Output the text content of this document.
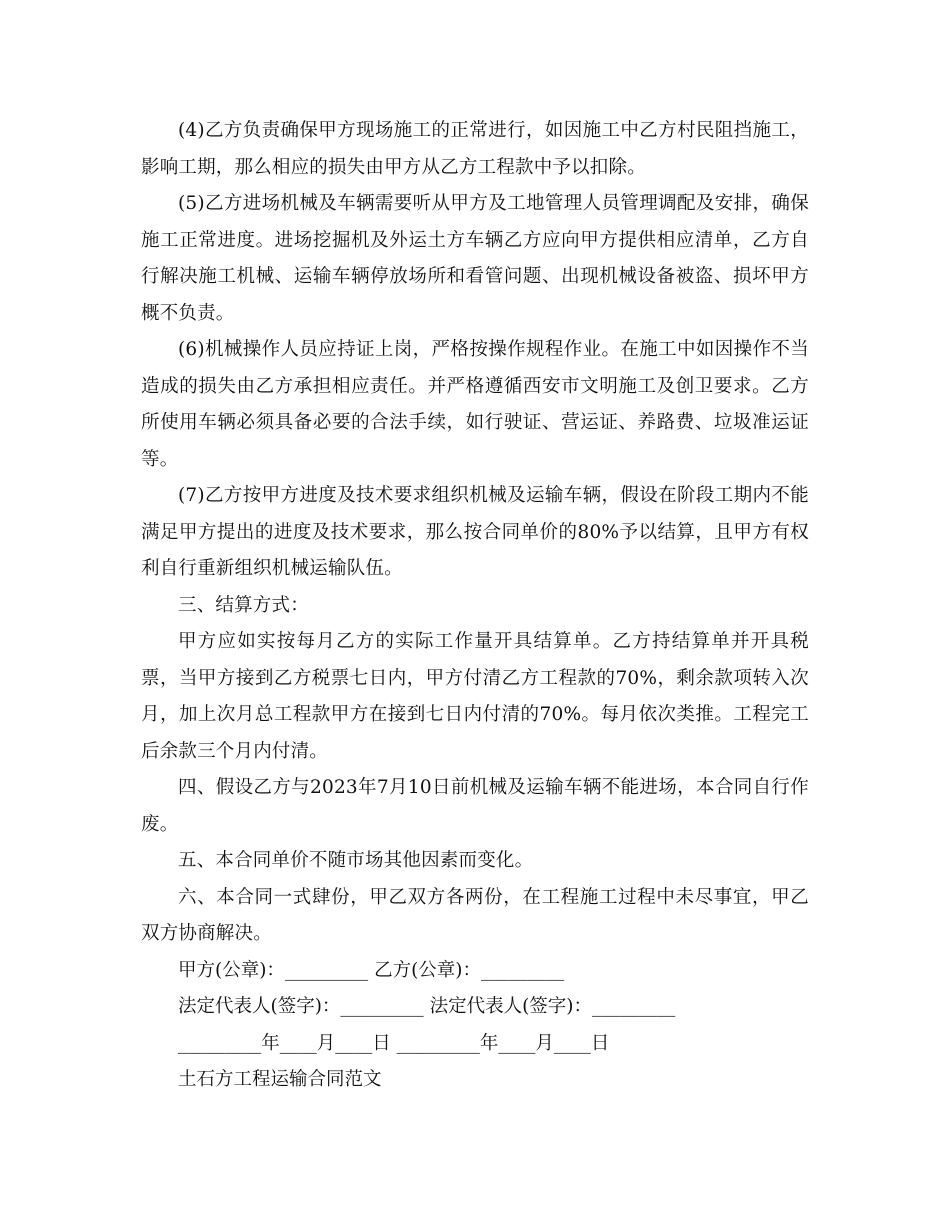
(4)乙方负责确保甲方现场施工的正常进行，如因施工中乙方村民阻挡施工，影响工期，那么相应的损失由甲方从乙方工程款中予以扣除。

(5)乙方进场机械及车辆需要听从甲方及工地管理人员管理调配及安排，确保施工正常进度。进场挖掘机及外运土方车辆乙方应向甲方提供相应清单，乙方自行解决施工机械、运输车辆停放场所和看管问题、出现机械设备被盗、损坏甲方概不负责。

(6)机械操作人员应持证上岗，严格按操作规程作业。在施工中如因操作不当造成的损失由乙方承担相应责任。并严格遵循西安市文明施工及创卫要求。乙方所使用车辆必须具备必要的合法手续，如行驶证、营运证、养路费、垃圾准运证等。

(7)乙方按甲方进度及技术要求组织机械及运输车辆，假设在阶段工期内不能满足甲方提出的进度及技术要求，那么按合同单价的80%予以结算，且甲方有权利自行重新组织机械运输队伍。

三、结算方式：

甲方应如实按每月乙方的实际工作量开具结算单。乙方持结算单并开具税票，当甲方接到乙方税票七日内，甲方付清乙方工程款的70%，剩余款项转入次月，加上次月总工程款甲方在接到七日内付清的70%。每月依次类推。工程完工后余款三个月内付清。

四、假设乙方与2023年7月10日前机械及运输车辆不能进场，本合同自行作废。

五、本合同单价不随市场其他因素而变化。

六、本合同一式肆份，甲乙双方各两份，在工程施工过程中未尽事宜，甲乙双方协商解决。

甲方(公章)：_________ 乙方(公章)：_________

法定代表人(签字)：_________ 法定代表人(签字)：_________

_________年____月____日 _________年____月____日

土石方工程运输合同范文
